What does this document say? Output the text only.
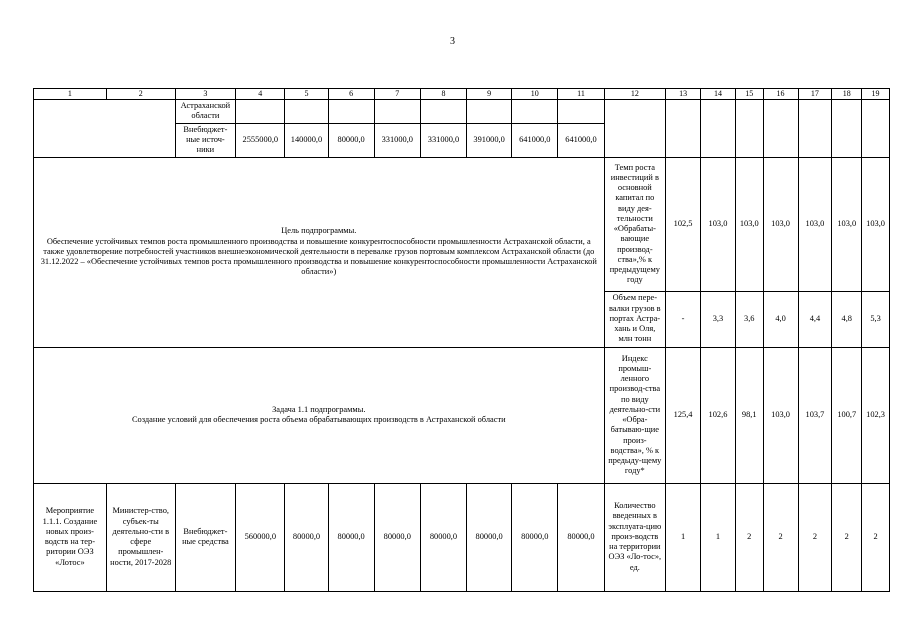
3
1	2	3	4	5	6	7	8	9	10	11	12	13	14	15	16	17	18	19
		Астраханской области																
		Внебюджет-ные источ-ники	2555000,0	140000,0	80000,0	331000,0	331000,0	391000,0	641000,0	641000,0								

Цель подпрограммы.
Обеспечение устойчивых темпов роста промышленного производства и повышение конкурентоспособности промышленности Астраханской области, а также удовлетворение потребностей участников внешнеэкономической деятельности в перевалке грузов портовым комплексом Астраханской области (до 31.12.2022 – «Обеспечение устойчивых темпов роста промышленного производства и повышение конкурентоспособности промышленности Астраханской области»)											Темп роста инвестиций в основной капитал по виду дея-тельности «Обрабаты-вающие производ-ства»,% к предыдущему году	102,5	103,0	103,0	103,0	103,0	103,0	103,0
											Объем пере-валки грузов в портах Астра-хань и Оля, млн тонн	-	3,3	3,6	4,0	4,4	4,8	5,3

Задача 1.1 подпрограммы.
Создание условий для обеспечения роста объема обрабатывающих производств в Астраханской области											Индекс промыш-ленного производ-ства по виду деятельно-сти «Обра-батываю-щие произ-водства», % к предыду-щему году*	125,4	102,6	98,1	103,0	103,7	100,7	102,3
Мероприятие 1.1.1. Создание новых произ-водств на тер-ритории ОЭЗ «Лотос»	Министер-ство, субъек-ты деятельно-сти в сфере промышлен-ности, 2017-2028	Внебюджет-ные средства	560000,0	80000,0	80000,0	80000,0	80000,0	80000,0	80000,0	80000,0	Количество введенных в эксплуата-цию произ-водств на территории ОЭЗ «Ло-тос», ед.	1	1	2	2	2	2	2
